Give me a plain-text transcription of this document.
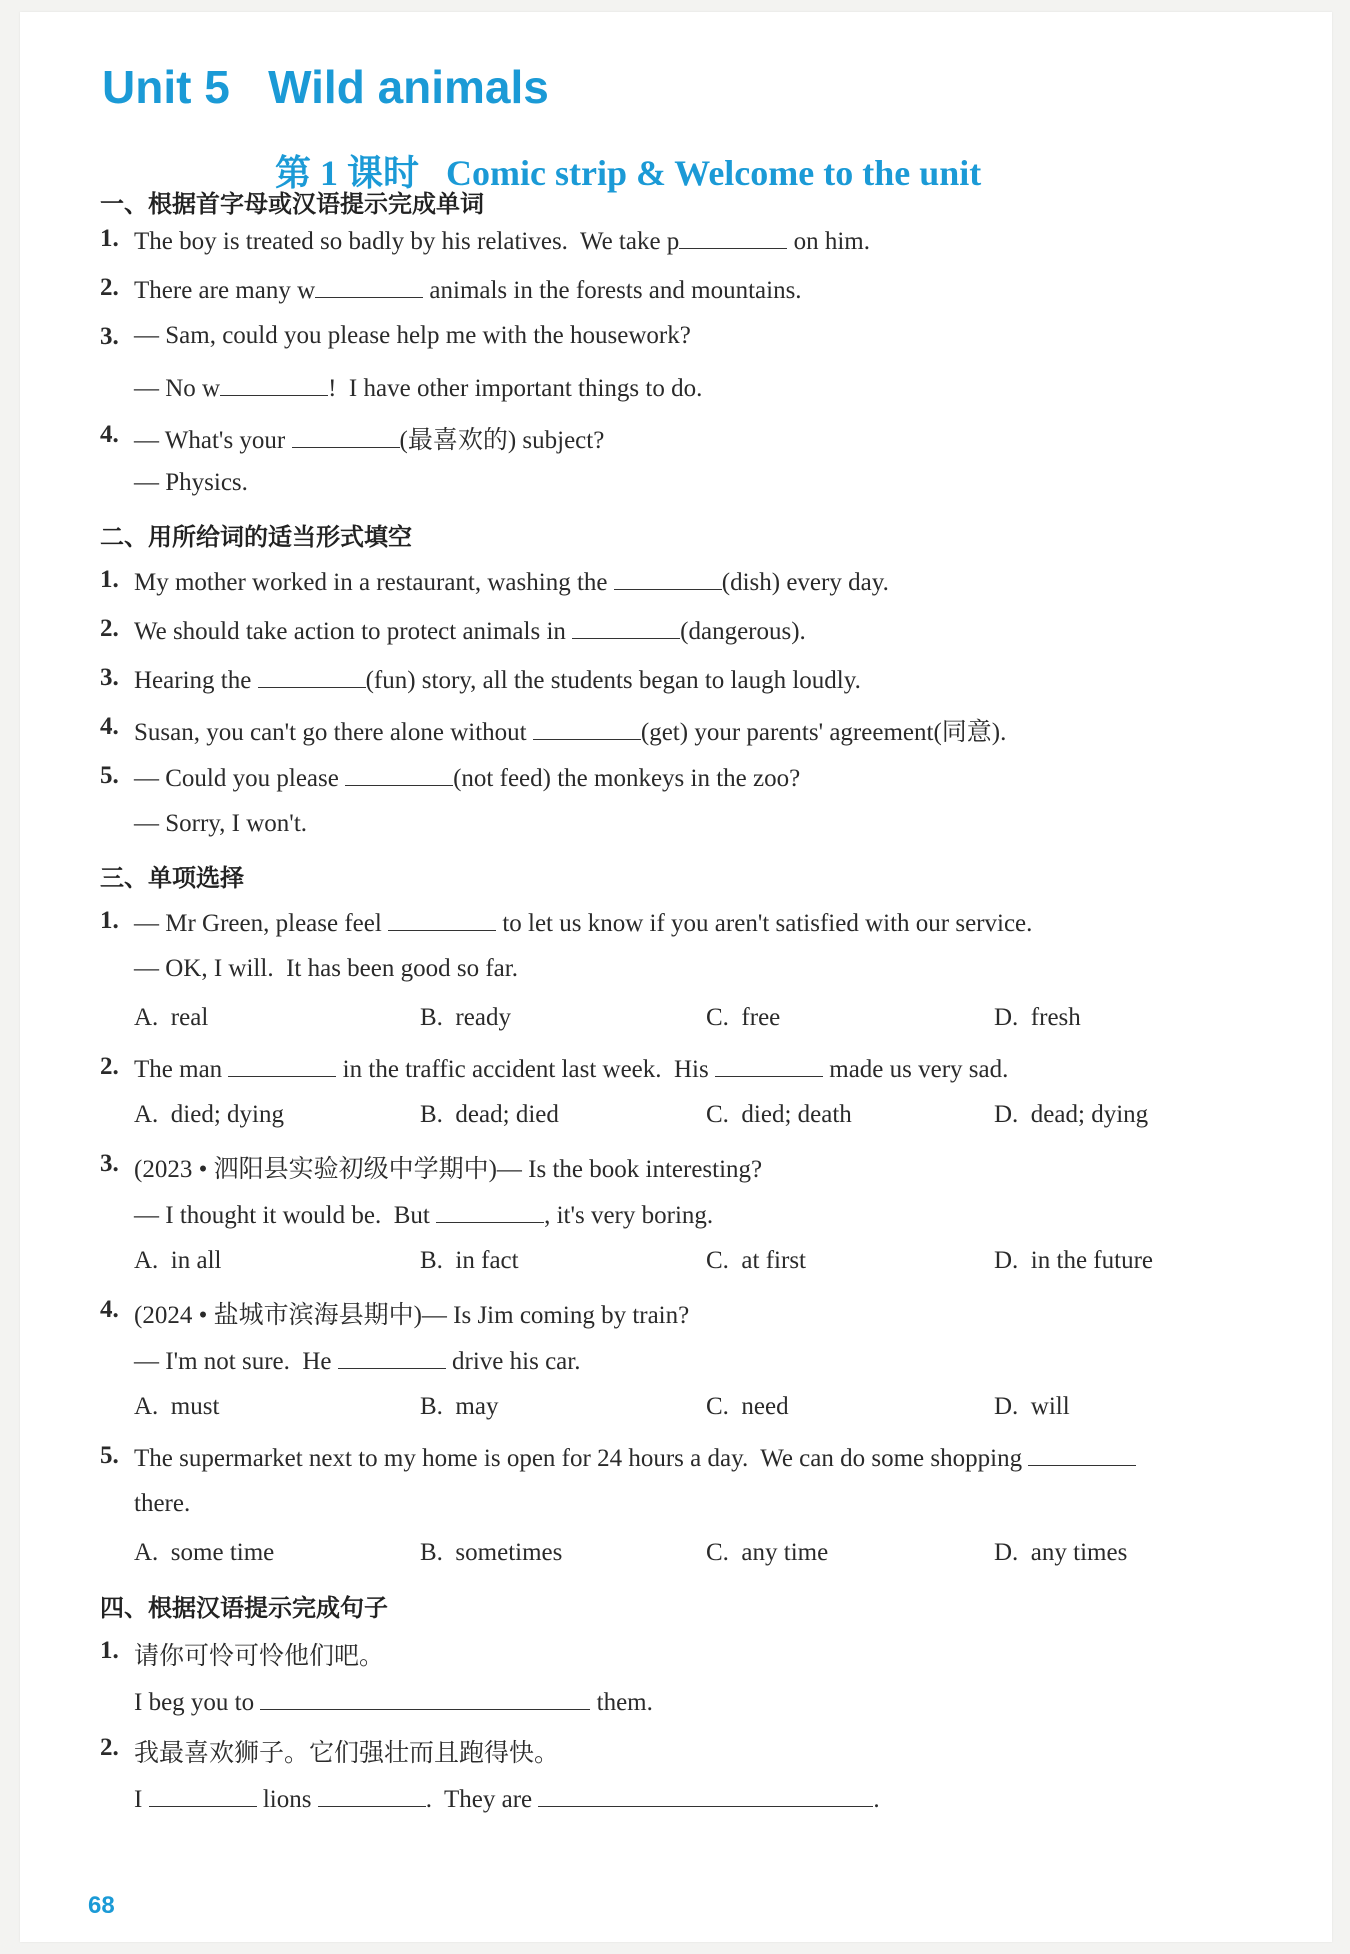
Unit 5   Wild animals
第 1 课时   Comic strip & Welcome to the unit
一、根据首字母或汉语提示完成单词
1. The boy is treated so badly by his relatives.  We take p	on him.
2. There are many w	animals in the forests and mountains.
3. — Sam, could you please help me with the housework?
— No w	!  I have other important things to do.
4. — What's your	(最喜欢的) subject?
— Physics.
二、用所给词的适当形式填空
1. My mother worked in a restaurant, washing the	(dish) every day.
2. We should take action to protect animals in	(dangerous).
3. Hearing the	(fun) story, all the students began to laugh loudly.
4. Susan, you can't go there alone without	(get) your parents' agreement(同意).
5. — Could you please	(not feed) the monkeys in the zoo?
— Sorry, I won't.
三、单项选择
1. — Mr Green, please feel	to let us know if you aren't satisfied with our service.
— OK, I will.  It has been good so far.
A.  real	B.  ready	C.  free	D.  fresh
2. The man	in the traffic accident last week.  His	made us very sad.
A.  died; dying	B.  dead; died	C.  died; death	D.  dead; dying
3. (2023 • 泗阳县实验初级中学期中)— Is the book interesting?
— I thought it would be.  But	, it's very boring.
A.  in all	B.  in fact	C.  at first	D.  in the future
4. (2024 • 盐城市滨海县期中)— Is Jim coming by train?
— I'm not sure.  He	drive his car.
A.  must	B.  may	C.  need	D.  will
5. The supermarket next to my home is open for 24 hours a day.  We can do some shopping
there.
A.  some time	B.  sometimes	C.  any time	D.  any times
四、根据汉语提示完成句子
1. 请你可怜可怜他们吧。
I beg you to	them.
2. 我最喜欢狮子。它们强壮而且跑得快。
I	lions	.  They are	.
68
